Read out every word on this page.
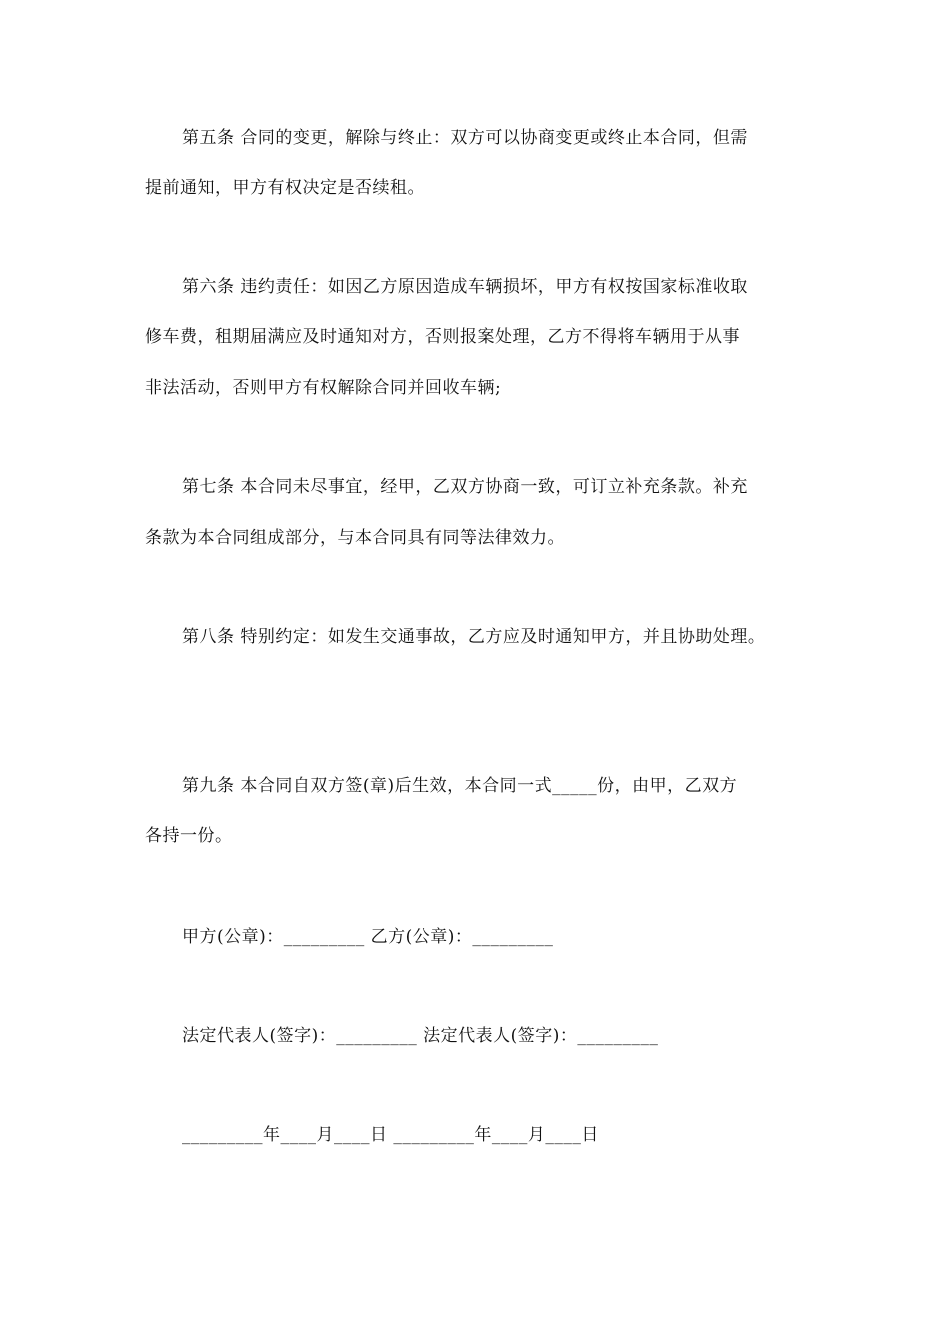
第五条 合同的变更，解除与终止：双方可以协商变更或终止本合同，但需
提前通知，甲方有权决定是否续租。
第六条 违约责任：如因乙方原因造成车辆损坏，甲方有权按国家标准收取
修车费，租期届满应及时通知对方，否则报案处理，乙方不得将车辆用于从事
非法活动，否则甲方有权解除合同并回收车辆;
第七条 本合同未尽事宜，经甲，乙双方协商一致，可订立补充条款。补充
条款为本合同组成部分，与本合同具有同等法律效力。
第八条 特别约定：如发生交通事故，乙方应及时通知甲方，并且协助处理。
第九条 本合同自双方签(章)后生效，本合同一式_____份，由甲，乙双方
各持一份。
甲方(公章)：_________ 乙方(公章)：_________
法定代表人(签字)：_________ 法定代表人(签字)：_________
_________年____月____日 _________年____月____日
